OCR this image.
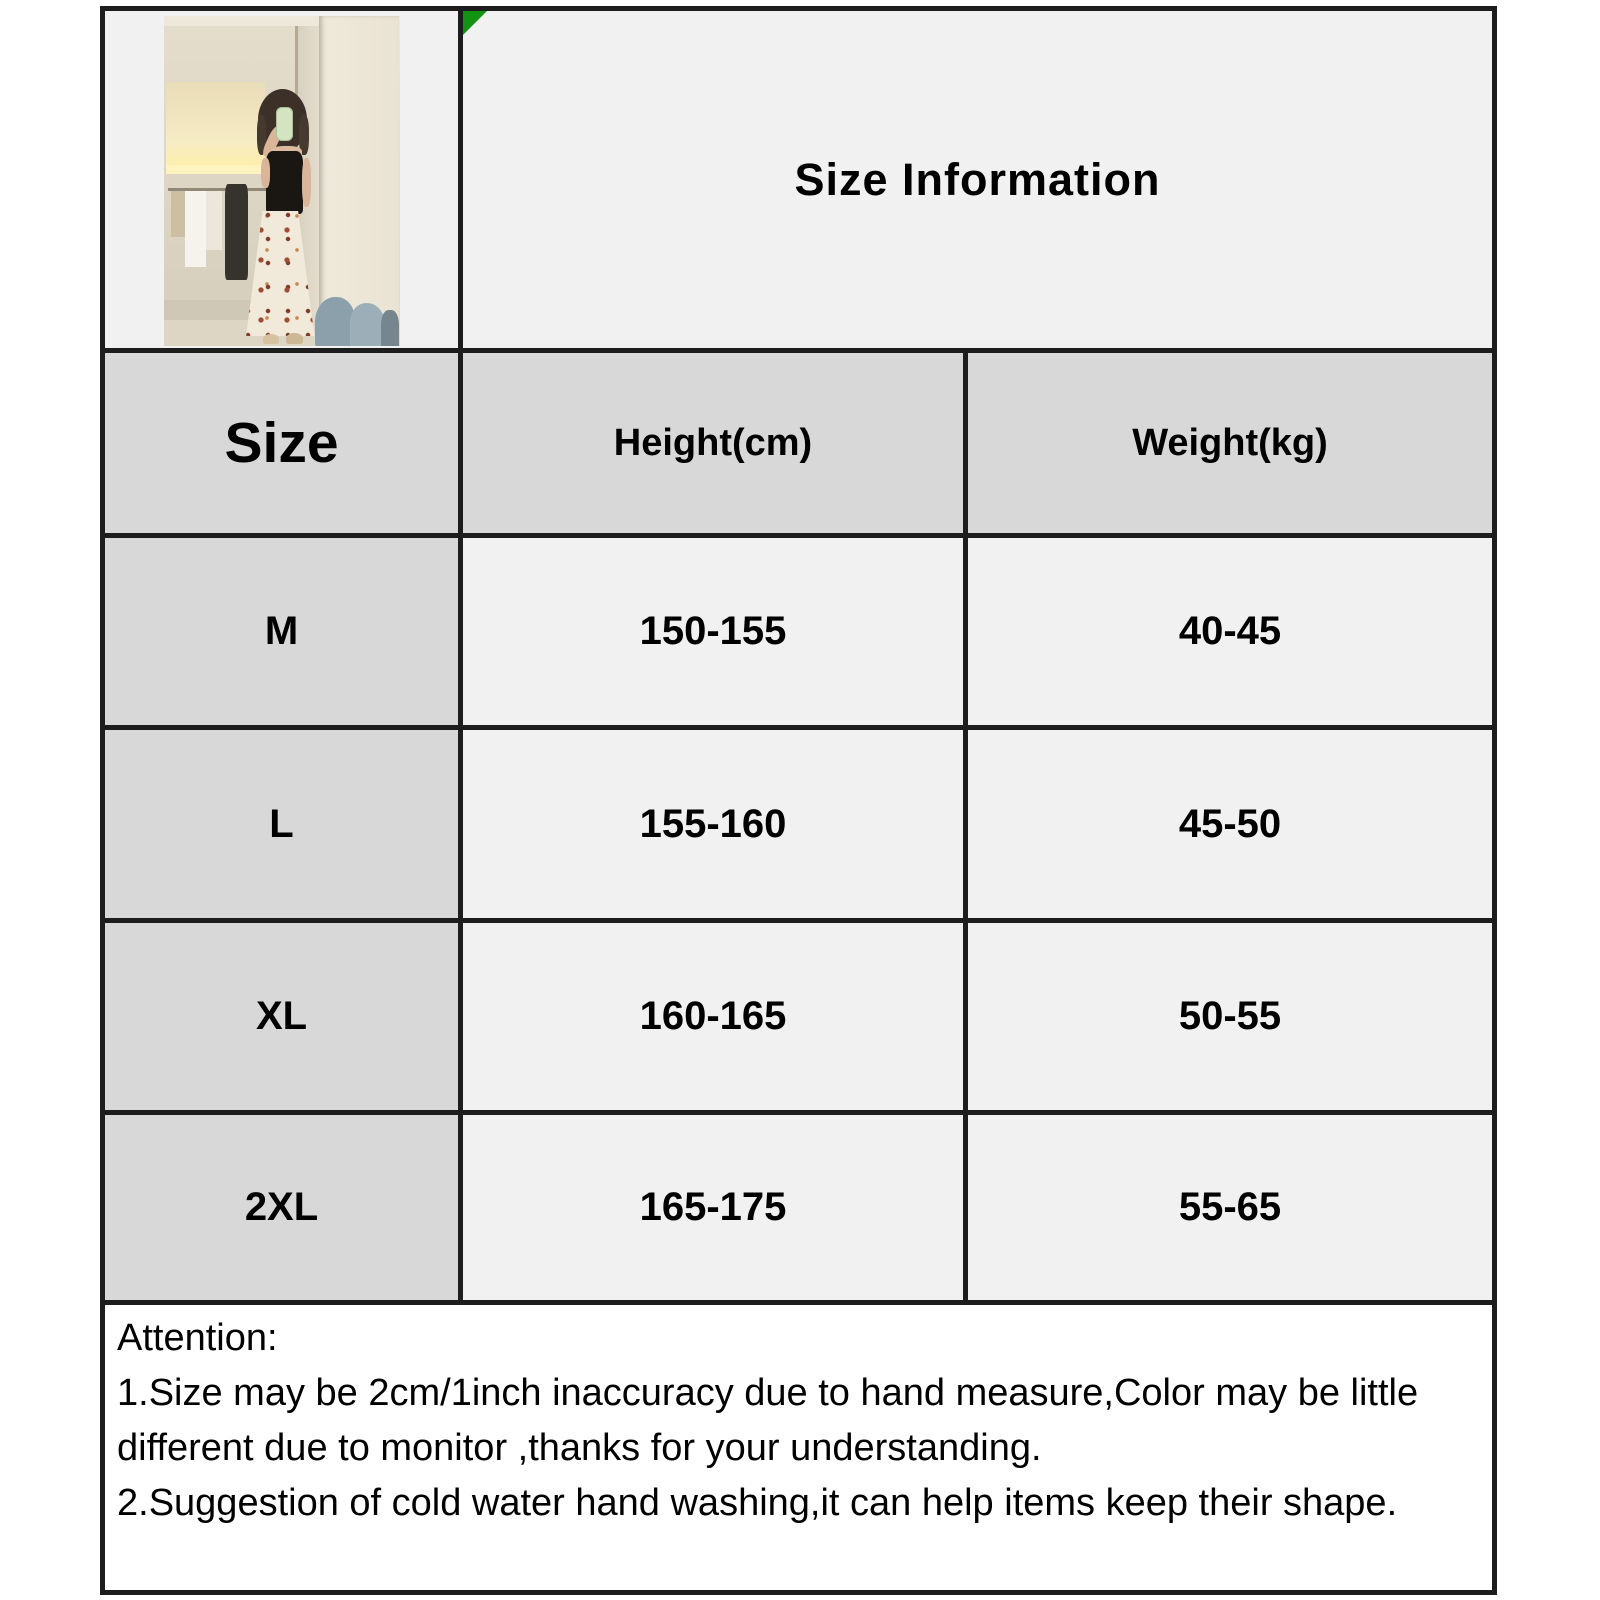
Size Information
Size	Height(cm)	Weight(kg)
M	150-155	40-45
L	155-160	45-50
XL	160-165	50-55
2XL	165-175	55-65
Attention:
1.Size may be 2cm/1inch inaccuracy due to hand measure,Color may be little different due to monitor ,thanks for your understanding.
2.Suggestion of cold water hand washing,it can help items keep their shape.
